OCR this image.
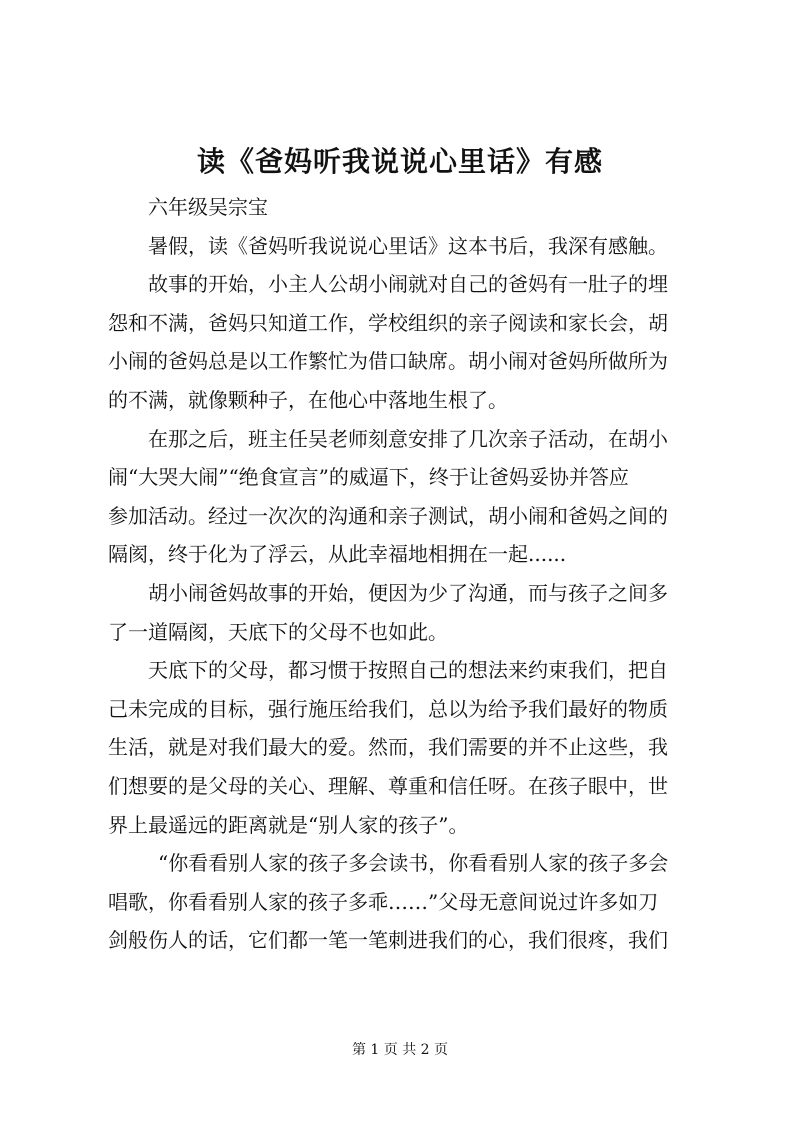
读《爸妈听我说说心里话》有感
六年级吴宗宝
暑假，读《爸妈听我说说心里话》这本书后，我深有感触。
故事的开始，小主人公胡小闹就对自己的爸妈有一肚子的埋
怨和不满，爸妈只知道工作，学校组织的亲子阅读和家长会，胡
小闹的爸妈总是以工作繁忙为借口缺席。胡小闹对爸妈所做所为
的不满，就像颗种子，在他心中落地生根了。
在那之后，班主任吴老师刻意安排了几次亲子活动，在胡小
闹“大哭大闹”“绝食宣言”的威逼下，终于让爸妈妥协并答应
参加活动。经过一次次的沟通和亲子测试，胡小闹和爸妈之间的
隔阂，终于化为了浮云，从此幸福地相拥在一起......
胡小闹爸妈故事的开始，便因为少了沟通，而与孩子之间多
了一道隔阂，天底下的父母不也如此。
天底下的父母，都习惯于按照自己的想法来约束我们，把自
己未完成的目标，强行施压给我们，总以为给予我们最好的物质
生活，就是对我们最大的爱。然而，我们需要的并不止这些，我
们想要的是父母的关心、理解、尊重和信任呀。在孩子眼中，世
界上最遥远的距离就是“别人家的孩子”。
“你看看别人家的孩子多会读书，你看看别人家的孩子多会
唱歌，你看看别人家的孩子多乖……”父母无意间说过许多如刀
剑般伤人的话，它们都一笔一笔刺进我们的心，我们很疼，我们
第 1 页 共 2 页
